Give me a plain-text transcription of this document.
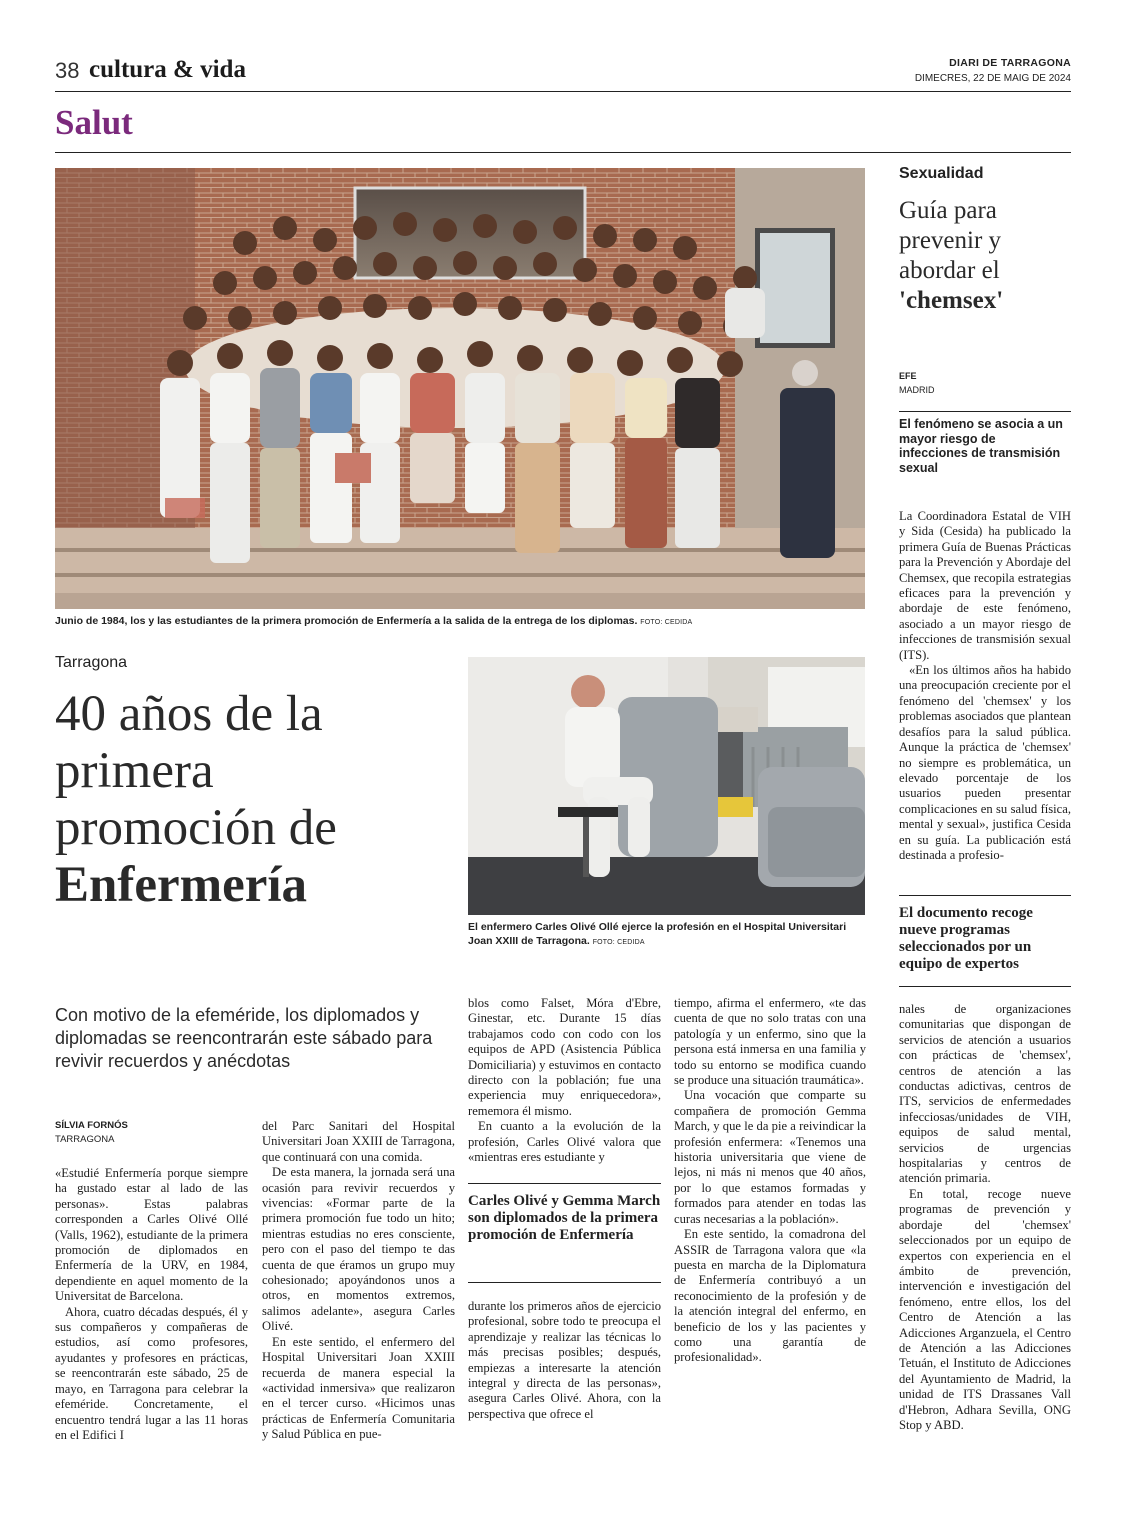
38 cultura & vida	DIARI DE TARRAGONA
DIMECRES, 22 DE MAIG DE 2024
Salut
Junio de 1984, los y las estudiantes de la primera promoción de Enfermería a la salida de la entrega de los diplomas. FOTO: CEDIDA
Tarragona
40 años de la
primera
promoción de
Enfermería
El enfermero Carles Olivé Ollé ejerce la profesión en el Hospital Universitari Joan XXIII de Tarragona. FOTO: CEDIDA
Con motivo de la efeméride, los diplomados y diplomadas se reencontrarán este sábado para revivir recuerdos y anécdotas
SÍLVIA FORNÓS
TARRAGONA

«Estudié Enfermería porque siempre ha gustado estar al lado de las personas». Estas palabras corresponden a Carles Olivé Ollé (Valls, 1962), estudiante de la primera promoción de diplomados en Enfermería de la URV, en 1984, dependiente en aquel momento de la Universitat de Barcelona.

Ahora, cuatro décadas después, él y sus compañeros y compañeras de estudios, así como profesores, ayudantes y profesores en prácticas, se reencontrarán este sábado, 25 de mayo, en Tarragona para celebrar la efeméride. Concretamente, el encuentro tendrá lugar a las 11 horas en el Edifici I

del Parc Sanitari del Hospital Universitari Joan XXIII de Tarragona, que continuará con una comida.

De esta manera, la jornada será una ocasión para revivir recuerdos y vivencias: «Formar parte de la primera promoción fue todo un hito; mientras estudias no eres consciente, pero con el paso del tiempo te das cuenta de que éramos un grupo muy cohesionado; apoyándonos unos a otros, en momentos extremos, salimos adelante», asegura Carles Olivé.

En este sentido, el enfermero del Hospital Universitari Joan XXIII recuerda de manera especial la «actividad inmersiva» que realizaron en el tercer curso. «Hicimos unas prácticas de Enfermería Comunitaria y Salud Pública en pue-

blos como Falset, Móra d'Ebre, Ginestar, etc. Durante 15 días trabajamos codo con codo con los equipos de APD (Asistencia Pública Domiciliaria) y estuvimos en contacto directo con la población; fue una experiencia muy enriquecedora», rememora él mismo.

En cuanto a la evolución de la profesión, Carles Olivé valora que «mientras eres estudiante y

Carles Olivé y Gemma March son diplomados de la primera promoción de Enfermería

durante los primeros años de ejercicio profesional, sobre todo te preocupa el aprendizaje y realizar las técnicas lo más precisas posibles; después, empiezas a interesarte la atención integral y directa de las personas», asegura Carles Olivé. Ahora, con la perspectiva que ofrece el

tiempo, afirma el enfermero, «te das cuenta de que no solo tratas con una patología y un enfermo, sino que la persona está inmersa en una familia y todo su entorno se modifica cuando se produce una situación traumática».

Una vocación que comparte su compañera de promoción Gemma March, y que le da pie a reivindicar la profesión enfermera: «Tenemos una historia universitaria que viene de lejos, ni más ni menos que 40 años, por lo que estamos formadas y formados para atender en todas las curas necesarias a la población».

En este sentido, la comadrona del ASSIR de Tarragona valora que «la puesta en marcha de la Diplomatura de Enfermería contribuyó a un reconocimiento de la profesión y de la atención integral del enfermo, en beneficio de los y las pacientes y como una garantía de profesionalidad».

Sexualidad
Guía para
prevenir y
abordar el
'chemsex'
EFE
MADRID
El fenómeno se asocia a un mayor riesgo de infecciones de transmisión sexual

La Coordinadora Estatal de VIH y Sida (Cesida) ha publicado la primera Guía de Buenas Prácticas para la Prevención y Abordaje del Chemsex, que recopila estrategias eficaces para la prevención y abordaje de este fenómeno, asociado a un mayor riesgo de infecciones de transmisión sexual (ITS).

«En los últimos años ha habido una preocupación creciente por el fenómeno del 'chemsex' y los problemas asociados que plantean desafíos para la salud pública. Aunque la práctica de 'chemsex' no siempre es problemática, un elevado porcentaje de los usuarios pueden presentar complicaciones en su salud física, mental y sexual», justifica Cesida en su guía. La publicación está destinada a profesio-

El documento recoge nueve programas seleccionados por un equipo de expertos

nales de organizaciones comunitarias que dispongan de servicios de atención a usuarios con prácticas de 'chemsex', centros de atención a las conductas adictivas, centros de ITS, servicios de enfermedades infecciosas/unidades de VIH, equipos de salud mental, servicios de urgencias hospitalarias y centros de atención primaria.

En total, recoge nueve programas de prevención y abordaje del 'chemsex' seleccionados por un equipo de expertos con experiencia en el ámbito de prevención, intervención e investigación del fenómeno, entre ellos, los del Centro de Atención a las Adicciones Arganzuela, el Centro de Atención a las Adicciones Tetuán, el Instituto de Adicciones del Ayuntamiento de Madrid, la unidad de ITS Drassanes Vall d'Hebron, Adhara Sevilla, ONG Stop y ABD.
